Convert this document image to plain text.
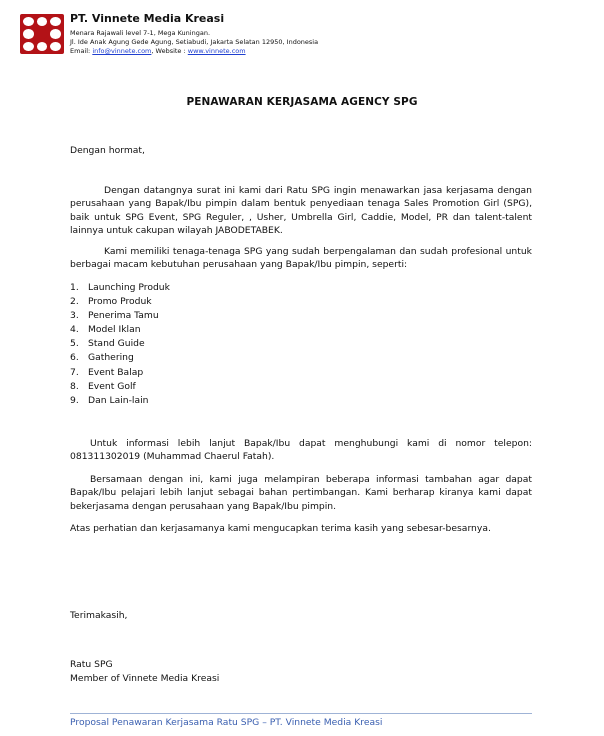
PT. Vinnete Media Kreasi
Menara Rajawali level 7-1, Mega Kuningan.
Jl. Ide Anak Agung Gede Agung, Setiabudi, Jakarta Selatan 12950, Indonesia
Email: info@vinnete.com, Website : www.vinnete.com
PENAWARAN KERJASAMA AGENCY SPG
Dengan hormat,
Dengan datangnya surat ini kami dari Ratu SPG ingin menawarkan jasa kerjasama dengan perusahaan yang Bapak/Ibu pimpin dalam bentuk penyediaan tenaga Sales Promotion Girl (SPG), baik untuk SPG Event, SPG Reguler, , Usher, Umbrella Girl, Caddie, Model, PR dan talent-talent lainnya untuk cakupan wilayah JABODETABEK.
Kami memiliki tenaga-tenaga SPG yang sudah berpengalaman dan sudah profesional untuk berbagai macam kebutuhan perusahaan yang Bapak/Ibu pimpin, seperti:
1.	Launching Produk
2.	Promo Produk
3.	Penerima Tamu
4.	Model Iklan
5.	Stand Guide
6.	Gathering
7.	Event Balap
8.	Event Golf
9.	Dan Lain-lain
Untuk informasi lebih lanjut Bapak/Ibu dapat menghubungi kami di nomor telepon: 081311302019 (Muhammad Chaerul Fatah).
Bersamaan dengan ini, kami juga melampiran beberapa informasi tambahan agar dapat Bapak/Ibu pelajari lebih lanjut sebagai bahan pertimbangan. Kami berharap kiranya kami dapat bekerjasama dengan perusahaan yang Bapak/Ibu pimpin.
Atas perhatian dan kerjasamanya kami mengucapkan terima kasih yang sebesar-besarnya.
Terimakasih,
Ratu SPG
Member of Vinnete Media Kreasi
Proposal Penawaran Kerjasama Ratu SPG – PT. Vinnete Media Kreasi
